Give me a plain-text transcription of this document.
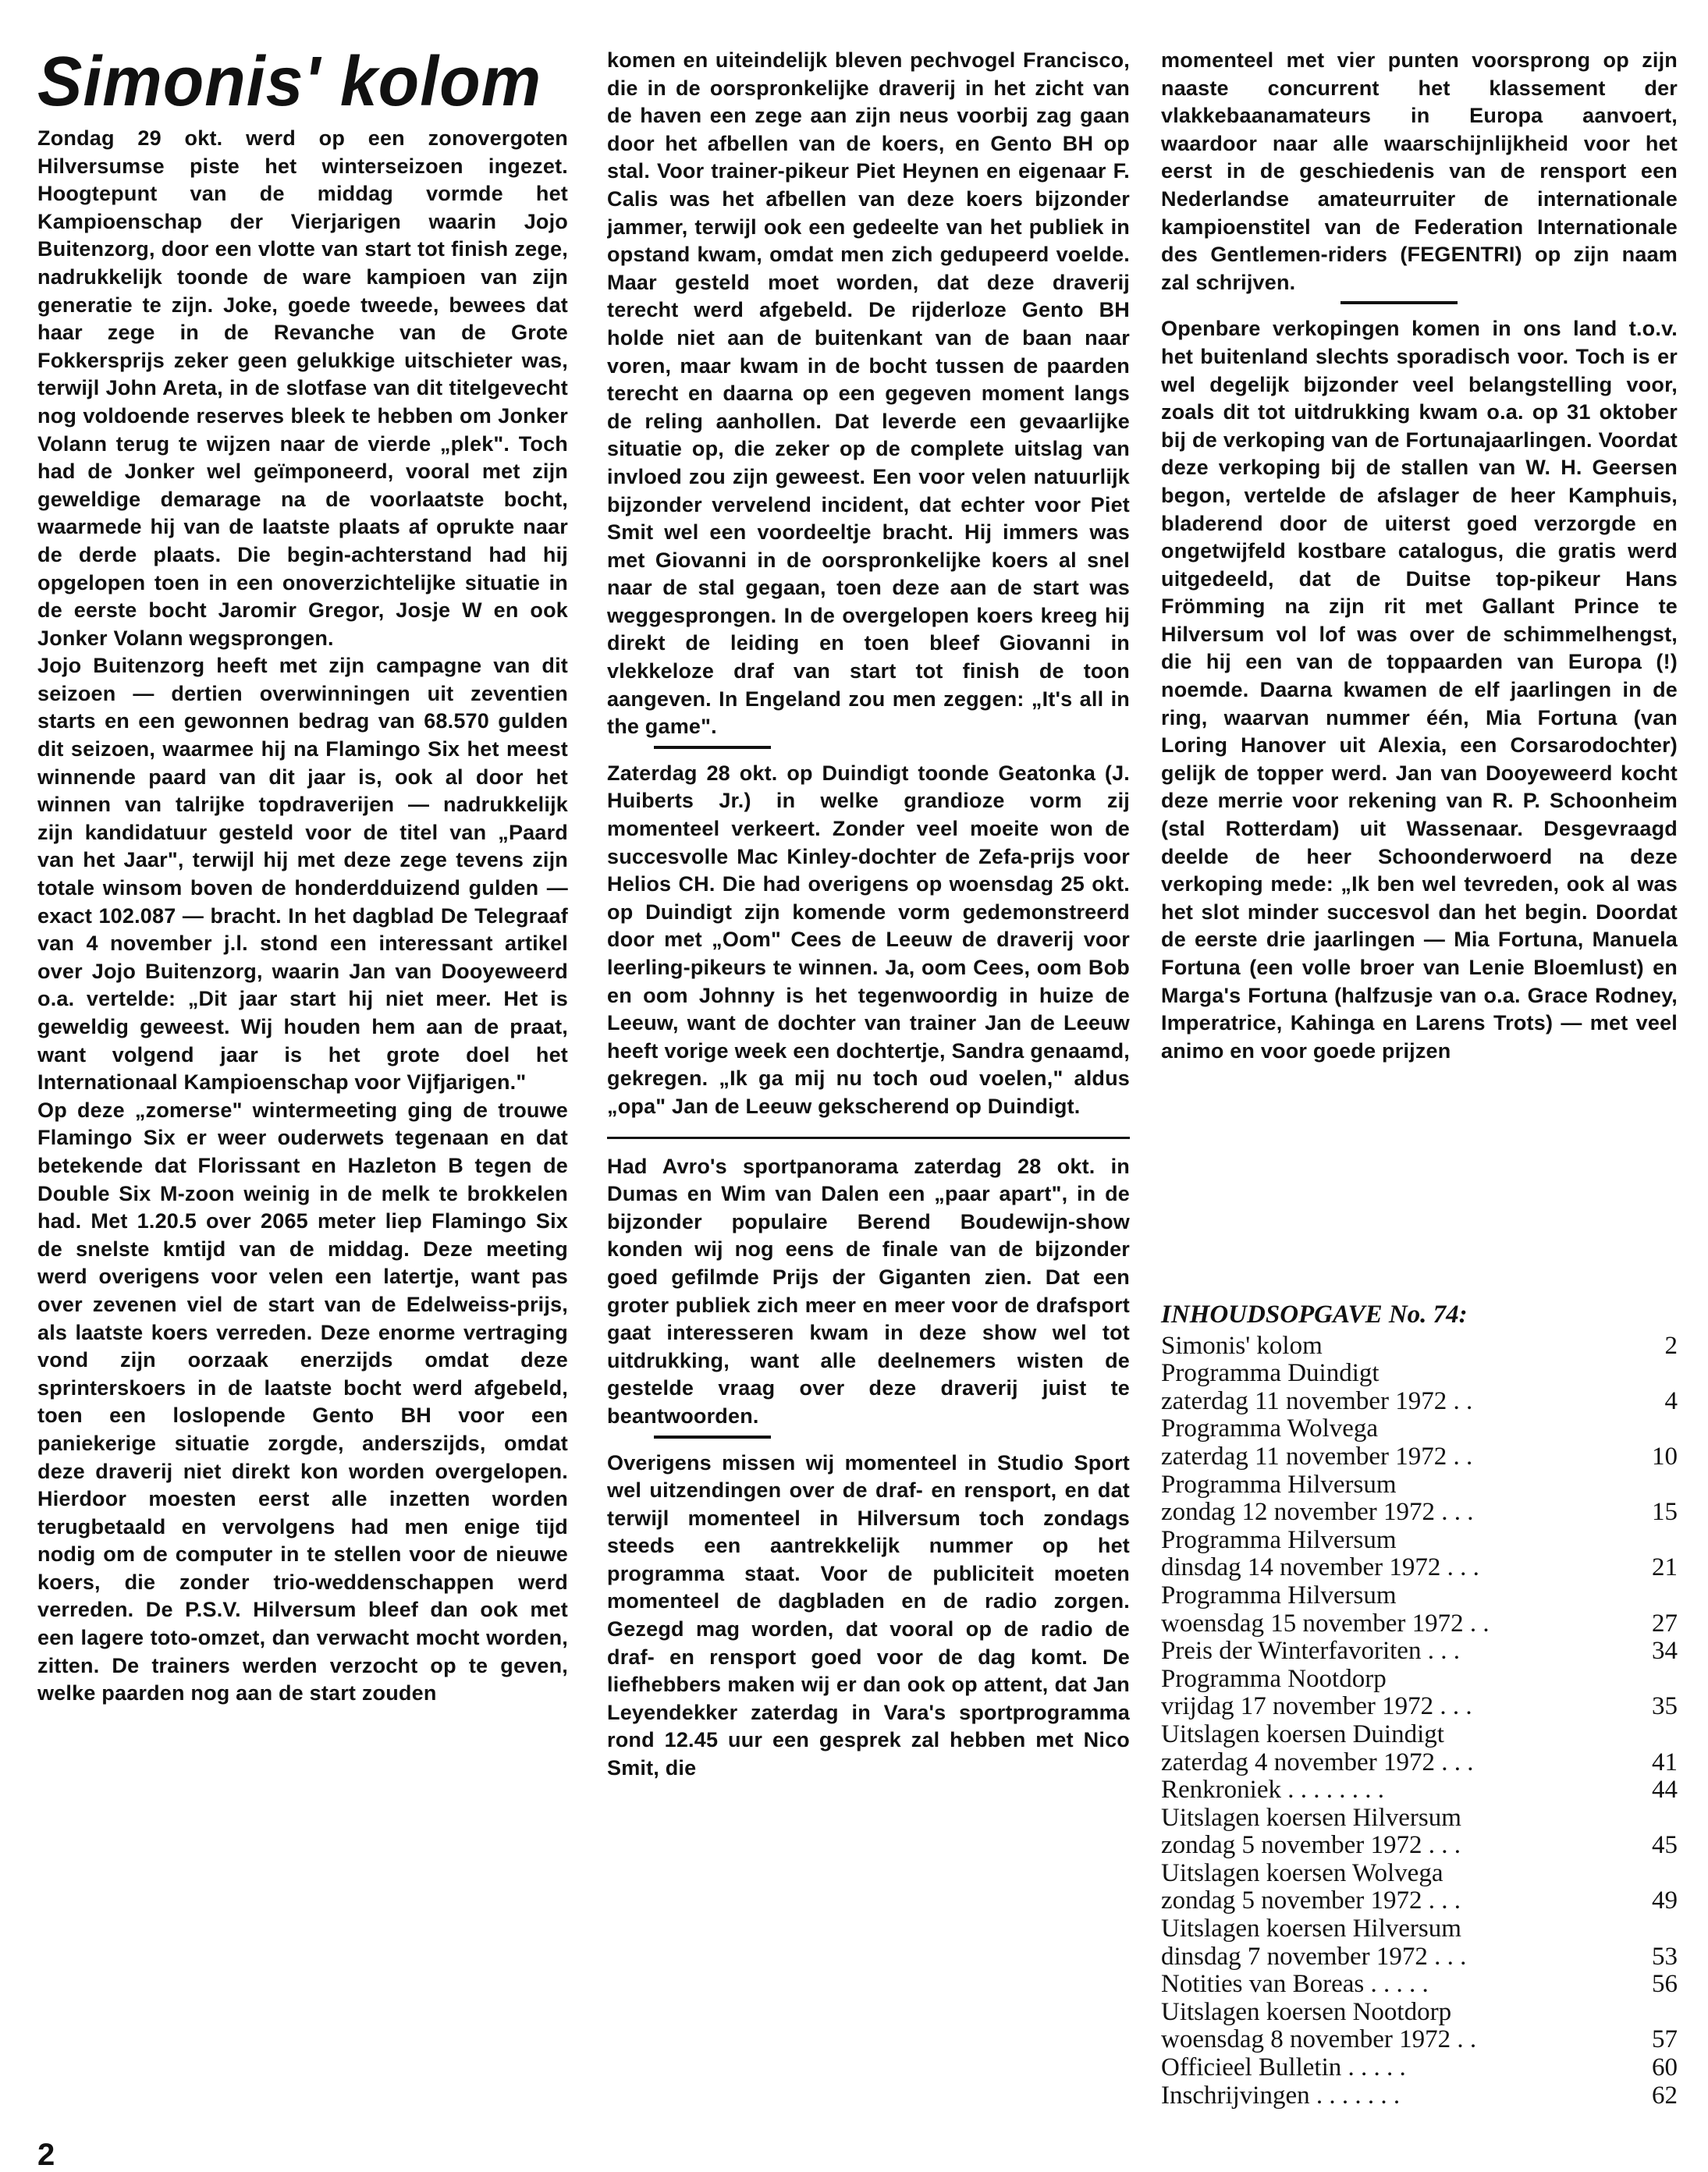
Simonis' kolom

Zondag 29 okt. werd op een zonovergoten Hilversumse piste het winterseizoen ingezet. Hoogtepunt van de middag vormde het Kampioenschap der Vierjarigen waarin Jojo Buitenzorg, door een vlotte van start tot finish zege, nadrukkelijk toonde de ware kampioen van zijn generatie te zijn. Joke, goede tweede, bewees dat haar zege in de Revanche van de Grote Fokkersprijs zeker geen gelukkige uitschieter was, terwijl John Areta, in de slotfase van dit titelgevecht nog voldoende reserves bleek te hebben om Jonker Volann terug te wijzen naar de vierde „plek". Toch had de Jonker wel geïmponeerd, vooral met zijn geweldige demarage na de voorlaatste bocht, waarmede hij van de laatste plaats af oprukte naar de derde plaats. Die begin-achterstand had hij opgelopen toen in een onoverzichtelijke situatie in de eerste bocht Jaromir Gregor, Josje W en ook Jonker Volann wegsprongen.

Jojo Buitenzorg heeft met zijn campagne van dit seizoen — dertien overwinningen uit zeventien starts en een gewonnen bedrag van 68.570 gulden dit seizoen, waarmee hij na Flamingo Six het meest winnende paard van dit jaar is, ook al door het winnen van talrijke topdraverijen — nadrukkelijk zijn kandidatuur gesteld voor de titel van „Paard van het Jaar", terwijl hij met deze zege tevens zijn totale winsom boven de honderdduizend gulden — exact 102.087 — bracht. In het dagblad De Telegraaf van 4 november j.l. stond een interessant artikel over Jojo Buitenzorg, waarin Jan van Dooyeweerd o.a. vertelde: „Dit jaar start hij niet meer. Het is geweldig geweest. Wij houden hem aan de praat, want volgend jaar is het grote doel het Internationaal Kampioenschap voor Vijfjarigen."

Op deze „zomerse" wintermeeting ging de trouwe Flamingo Six er weer ouderwets tegenaan en dat betekende dat Florissant en Hazleton B tegen de Double Six M-zoon weinig in de melk te brokkelen had. Met 1.20.5 over 2065 meter liep Flamingo Six de snelste kmtijd van de middag. Deze meeting werd overigens voor velen een latertje, want pas over zevenen viel de start van de Edelweiss-prijs, als laatste koers verreden. Deze enorme vertraging vond zijn oorzaak enerzijds omdat deze sprinterskoers in de laatste bocht werd afgebeld, toen een loslopende Gento BH voor een paniekerige situatie zorgde, anderszijds, omdat deze draverij niet direkt kon worden overgelopen. Hierdoor moesten eerst alle inzetten worden terugbetaald en vervolgens had men enige tijd nodig om de computer in te stellen voor de nieuwe koers, die zonder trio-weddenschappen werd verreden. De P.S.V. Hilversum bleef dan ook met een lagere toto-omzet, dan verwacht mocht worden, zitten. De trainers werden verzocht op te geven, welke paarden nog aan de start zouden

komen en uiteindelijk bleven pechvogel Francisco, die in de oorspronkelijke draverij in het zicht van de haven een zege aan zijn neus voorbij zag gaan door het afbellen van de koers, en Gento BH op stal. Voor trainer-pikeur Piet Heynen en eigenaar F. Calis was het afbellen van deze koers bijzonder jammer, terwijl ook een gedeelte van het publiek in opstand kwam, omdat men zich gedupeerd voelde. Maar gesteld moet worden, dat deze draverij terecht werd afgebeld. De rijderloze Gento BH holde niet aan de buitenkant van de baan naar voren, maar kwam in de bocht tussen de paarden terecht en daarna op een gegeven moment langs de reling aanhollen. Dat leverde een gevaarlijke situatie op, die zeker op de complete uitslag van invloed zou zijn geweest. Een voor velen natuurlijk bijzonder vervelend incident, dat echter voor Piet Smit wel een voordeeltje bracht. Hij immers was met Giovanni in de oorspronkelijke koers al snel naar de stal gegaan, toen deze aan de start was weggesprongen. In de overgelopen koers kreeg hij direkt de leiding en toen bleef Giovanni in vlekkeloze draf van start tot finish de toon aangeven. In Engeland zou men zeggen: „It's all in the game".

Zaterdag 28 okt. op Duindigt toonde Geatonka (J. Huiberts Jr.) in welke grandioze vorm zij momenteel verkeert. Zonder veel moeite won de succesvolle Mac Kinley-dochter de Zefa-prijs voor Helios CH. Die had overigens op woensdag 25 okt. op Duindigt zijn komende vorm gedemonstreerd door met „Oom" Cees de Leeuw de draverij voor leerling-pikeurs te winnen. Ja, oom Cees, oom Bob en oom Johnny is het tegenwoordig in huize de Leeuw, want de dochter van trainer Jan de Leeuw heeft vorige week een dochtertje, Sandra genaamd, gekregen. „Ik ga mij nu toch oud voelen," aldus „opa" Jan de Leeuw gekscherend op Duindigt.

Had Avro's sportpanorama zaterdag 28 okt. in Dumas en Wim van Dalen een „paar apart", in de bijzonder populaire Berend Boudewijn-show konden wij nog eens de finale van de bijzonder goed gefilmde Prijs der Giganten zien. Dat een groter publiek zich meer en meer voor de drafsport gaat interesseren kwam in deze show wel tot uitdrukking, want alle deelnemers wisten de gestelde vraag over deze draverij juist te beantwoorden.

Overigens missen wij momenteel in Studio Sport wel uitzendingen over de draf- en rensport, en dat terwijl momenteel in Hilversum toch zondags steeds een aantrekkelijk nummer op het programma staat. Voor de publiciteit moeten momenteel de dagbladen en de radio zorgen. Gezegd mag worden, dat vooral op de radio de draf- en rensport goed voor de dag komt. De liefhebbers maken wij er dan ook op attent, dat Jan Leyendekker zaterdag in Vara's sportprogramma rond 12.45 uur een gesprek zal hebben met Nico Smit, die

momenteel met vier punten voorsprong op zijn naaste concurrent het klassement der vlakkebaanamateurs in Europa aanvoert, waardoor naar alle waarschijnlijkheid voor het eerst in de geschiedenis van de rensport een Nederlandse amateurruiter de internationale kampioenstitel van de Federation Internationale des Gentlemen-riders (FEGENTRI) op zijn naam zal schrijven.

Openbare verkopingen komen in ons land t.o.v. het buitenland slechts sporadisch voor. Toch is er wel degelijk bijzonder veel belangstelling voor, zoals dit tot uitdrukking kwam o.a. op 31 oktober bij de verkoping van de Fortunajaarlingen. Voordat deze verkoping bij de stallen van W. H. Geersen begon, vertelde de afslager de heer Kamphuis, bladerend door de uiterst goed verzorgde en ongetwijfeld kostbare catalogus, die gratis werd uitgedeeld, dat de Duitse top-pikeur Hans Frömming na zijn rit met Gallant Prince te Hilversum vol lof was over de schimmelhengst, die hij een van de toppaarden van Europa (!) noemde. Daarna kwamen de elf jaarlingen in de ring, waarvan nummer één, Mia Fortuna (van Loring Hanover uit Alexia, een Corsarodochter) gelijk de topper werd. Jan van Dooyeweerd kocht deze merrie voor rekening van R. P. Schoonheim (stal Rotterdam) uit Wassenaar. Desgevraagd deelde de heer Schoonderwoerd na deze verkoping mede: „Ik ben wel tevreden, ook al was het slot minder succesvol dan het begin. Doordat de eerste drie jaarlingen — Mia Fortuna, Manuela Fortuna (een volle broer van Lenie Bloemlust) en Marga's Fortuna (halfzusje van o.a. Grace Rodney, Imperatrice, Kahinga en Larens Trots) — met veel animo en voor goede prijzen

INHOUDSOPGAVE No. 74:
Simonis' kolom	2
Programma Duindigt
zaterdag 11 november 1972 . .	4
Programma Wolvega
zaterdag 11 november 1972 . .	10
Programma Hilversum
zondag 12 november 1972 . . .	15
Programma Hilversum
dinsdag 14 november 1972 . . .	21
Programma Hilversum
woensdag 15 november 1972 . .	27
Preis der Winterfavoriten . . .	34
Programma Nootdorp
vrijdag 17 november 1972 . . .	35
Uitslagen koersen Duindigt
zaterdag 4 november 1972 . . .	41
Renkroniek . . . . . . . .	44
Uitslagen koersen Hilversum
zondag 5 november 1972 . . .	45
Uitslagen koersen Wolvega
zondag 5 november 1972 . . .	49
Uitslagen koersen Hilversum
dinsdag 7 november 1972 . . .	53
Notities van Boreas . . . . .	56
Uitslagen koersen Nootdorp
woensdag 8 november 1972 . .	57
Officieel Bulletin . . . . .	60
Inschrijvingen . . . . . . .	62
2
